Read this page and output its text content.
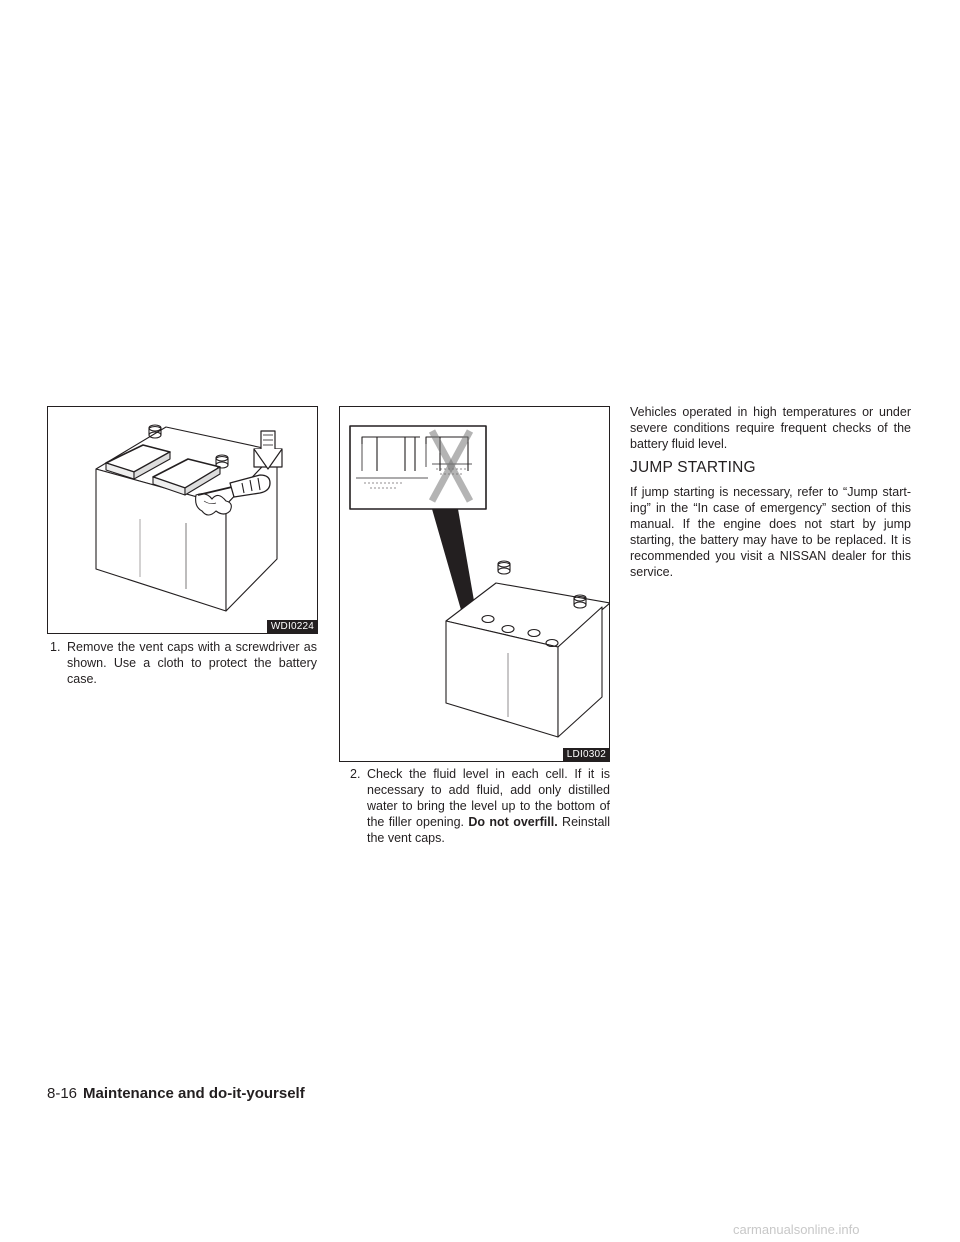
WDI0224

1. Remove the vent caps with a screwdriver as shown. Use a cloth to protect the battery case.

LDI0302

2. Check the fluid level in each cell. If it is necessary to add fluid, add only distilled water to bring the level up to the bottom of the filler opening. Do not overfill. Reinstall the vent caps.

Vehicles operated in high temperatures or under severe conditions require frequent checks of the battery fluid level.

JUMP STARTING

If jump starting is necessary, refer to “Jump start- ing” in the “In case of emergency” section of this manual. If the engine does not start by jump starting, the battery may have to be replaced. It is recommended you visit a NISSAN dealer for this service.

8-16 Maintenance and do-it-yourself

carmanualsonline.info
